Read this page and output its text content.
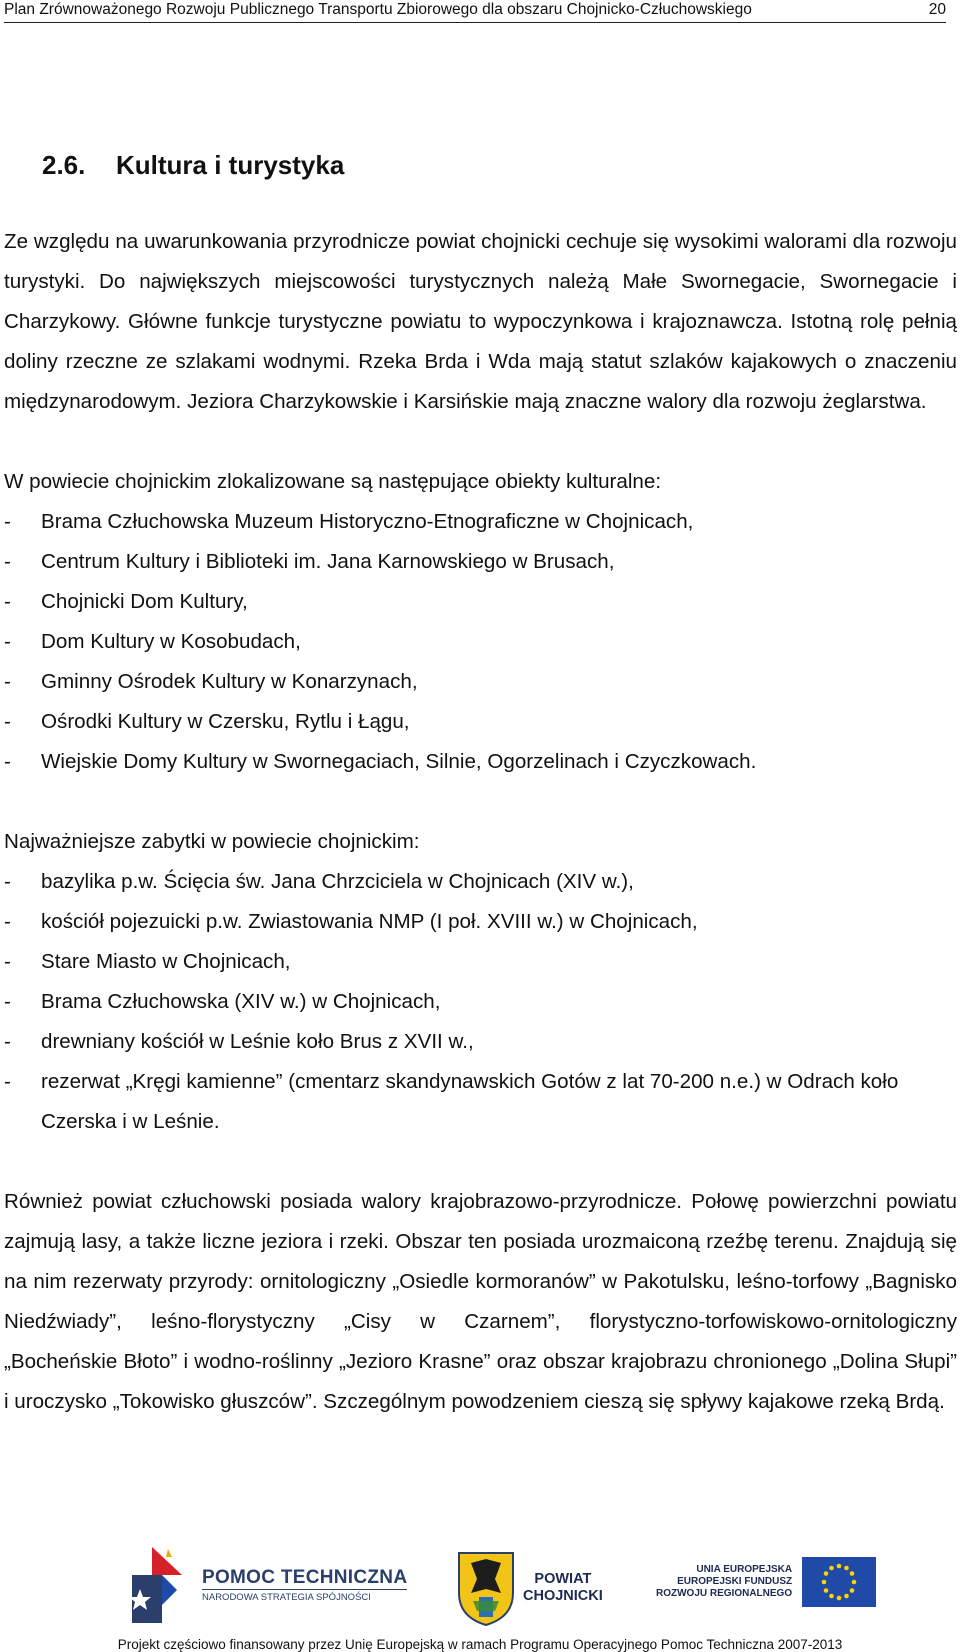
Plan Zrównoważonego Rozwoju Publicznego Transportu Zbiorowego dla obszaru Chojnicko-Człuchowskiego	20
2.6. Kultura i turystyka

Ze względu na uwarunkowania przyrodnicze powiat chojnicki cechuje się wysokimi walorami dla rozwoju turystyki. Do największych miejscowości turystycznych należą Małe Swornegacie, Swornegacie i Charzykowy. Główne funkcje turystyczne powiatu to wypoczynkowa i krajoznawcza. Istotną rolę pełnią doliny rzeczne ze szlakami wodnymi. Rzeka Brda i Wda mają statut szlaków kajakowych o znaczeniu międzynarodowym. Jeziora Charzykowskie i Karsińskie mają znaczne walory dla rozwoju żeglarstwa.

W powiecie chojnickim zlokalizowane są następujące obiekty kulturalne:
- Brama Człuchowska Muzeum Historyczno-Etnograficzne w Chojnicach,
- Centrum Kultury i Biblioteki im. Jana Karnowskiego w Brusach,
- Chojnicki Dom Kultury,
- Dom Kultury w Kosobudach,
- Gminny Ośrodek Kultury w Konarzynach,
- Ośrodki Kultury w Czersku, Rytlu i Łągu,
- Wiejskie Domy Kultury w Swornegaciach, Silnie, Ogorzelinach i Czyczkowach.
Najważniejsze zabytki w powiecie chojnickim:
- bazylika p.w. Ścięcia św. Jana Chrzciciela w Chojnicach (XIV w.),
- kościół pojezuicki p.w. Zwiastowania NMP (I poł. XVIII w.) w Chojnicach,
- Stare Miasto w Chojnicach,
- Brama Człuchowska (XIV w.) w Chojnicach,
- drewniany kościół w Leśnie koło Brus z XVII w.,
- rezerwat „Kręgi kamienne” (cmentarz skandynawskich Gotów z lat 70-200 n.e.) w Odrach koło Czerska i w Leśnie.

Również powiat człuchowski posiada walory krajobrazowo-przyrodnicze. Połowę powierzchni powiatu zajmują lasy, a także liczne jeziora i rzeki. Obszar ten posiada urozmaiconą rzeźbę terenu. Znajdują się na nim rezerwaty przyrody: ornitologiczny „Osiedle kormoranów” w Pakotulsku, leśno-torfowy „Bagnisko Niedźwiady”, leśno-florystyczny „Cisy w Czarnem”, florystyczno-torfowiskowo-ornitologiczny „Bocheńskie Błoto” i wodno-roślinny „Jezioro Krasne” oraz obszar krajobrazu chronionego „Dolina Słupi” i uroczysko „Tokowisko głuszców”. Szczególnym powodzeniem cieszą się spływy kajakowe rzeką Brdą.

POMOC TECHNICZNA
NARODOWA STRATEGIA SPÓJNOŚCI
POWIAT
CHOJNICKI
UNIA EUROPEJSKA
EUROPEJSKI FUNDUSZ
ROZWOJU REGIONALNEGO
Projekt częściowo finansowany przez Unię Europejską w ramach Programu Operacyjnego Pomoc Techniczna 2007-2013
